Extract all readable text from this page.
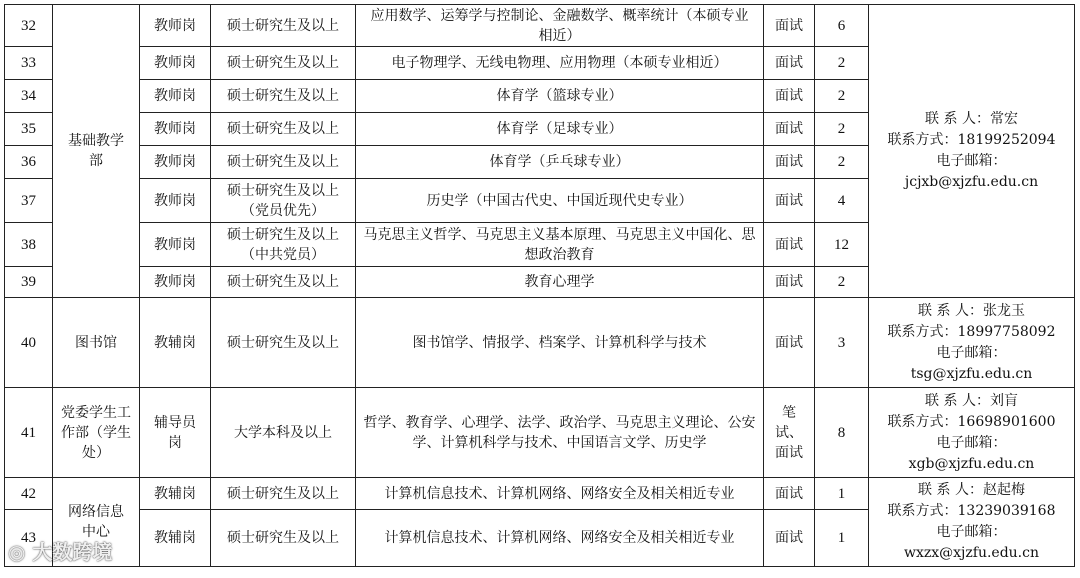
32	基础教学部	教师岗	硕士研究生及以上	应用数学、运筹学与控制论、金融数学、概率统计（本硕专业相近）	面试	6	联 系 人：常宏
联系方式：18199252094
电子邮箱：
jcjxb@xjzfu.edu.cn

33		教师岗	硕士研究生及以上	电子物理学、无线电物理、应用物理（本硕专业相近）	面试	2	
34		教师岗	硕士研究生及以上	体育学（篮球专业）	面试	2	
35		教师岗	硕士研究生及以上	体育学（足球专业）	面试	2	
36		教师岗	硕士研究生及以上	体育学（乒乓球专业）	面试	2	
37		教师岗	硕士研究生及以上（党员优先）	历史学（中国古代史、中国近现代史专业）	面试	4	
38		教师岗	硕士研究生及以上（中共党员）	马克思主义哲学、马克思主义基本原理、马克思主义中国化、思想政治教育	面试	12	
39		教师岗	硕士研究生及以上	教育心理学	面试	2	
40	图书馆	教辅岗	硕士研究生及以上	图书馆学、情报学、档案学、计算机科学与技术	面试	3	联 系 人：张龙玉
联系方式：18997758092
电子邮箱：
tsg@xjzfu.edu.cn

41	党委学生工作部（学生处）	辅导员岗	大学本科及以上	哲学、教育学、心理学、法学、政治学、马克思主义理论、公安学、计算机科学与技术、中国语言文学、历史学	笔试、面试	8	联 系 人：刘肓
联系方式：16698901600
电子邮箱：
xgb@xjzfu.edu.cn

42	网络信息中心	教辅岗	硕士研究生及以上	计算机信息技术、计算机网络、网络安全及相关相近专业	面试	1	联 系 人：赵起梅
联系方式：13239039168
电子邮箱：
wxzx@xjzfu.edu.cn

43		教辅岗	硕士研究生及以上	计算机信息技术、计算机网络、网络安全及相关相近专业	面试	1	
◎ 大数跨境
